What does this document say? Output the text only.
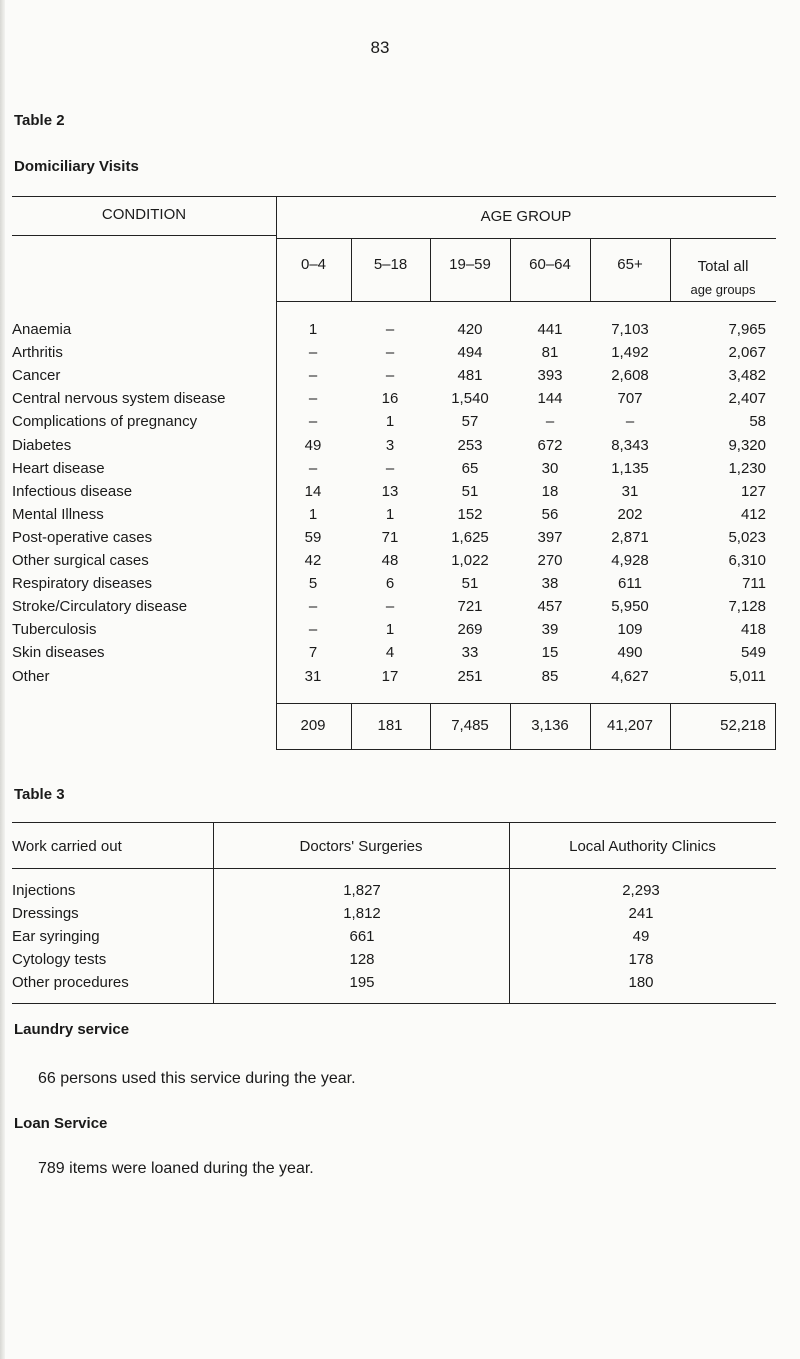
83
Table 2
Domiciliary Visits
CONDITION	AGE GROUP
0–4	5–18	19–59	60–64	65+	Total all
age groups
Anaemia	1	–	420	441	7,103	7,965
Arthritis	–	–	494	81	1,492	2,067
Cancer	–	–	481	393	2,608	3,482
Central nervous system disease	–	16	1,540	144	707	2,407
Complications of pregnancy	–	1	57	–	–	58
Diabetes	49	3	253	672	8,343	9,320
Heart disease	–	–	65	30	1,135	1,230
Infectious disease	14	13	51	18	31	127
Mental Illness	1	1	152	56	202	412
Post-operative cases	59	71	1,625	397	2,871	5,023
Other surgical cases	42	48	1,022	270	4,928	6,310
Respiratory diseases	5	6	51	38	611	711
Stroke/Circulatory disease	–	–	721	457	5,950	7,128
Tuberculosis	–	1	269	39	109	418
Skin diseases	7	4	33	15	490	549
Other	31	17	251	85	4,627	5,011
209	181	7,485	3,136	41,207	52,218
Table 3
Work carried out	Doctors' Surgeries	Local Authority Clinics
Injections	1,827	2,293
Dressings	1,812	241
Ear syringing	661	49
Cytology tests	128	178
Other procedures	195	180
Laundry service
66 persons used this service during the year.
Loan Service
789 items were loaned during the year.
